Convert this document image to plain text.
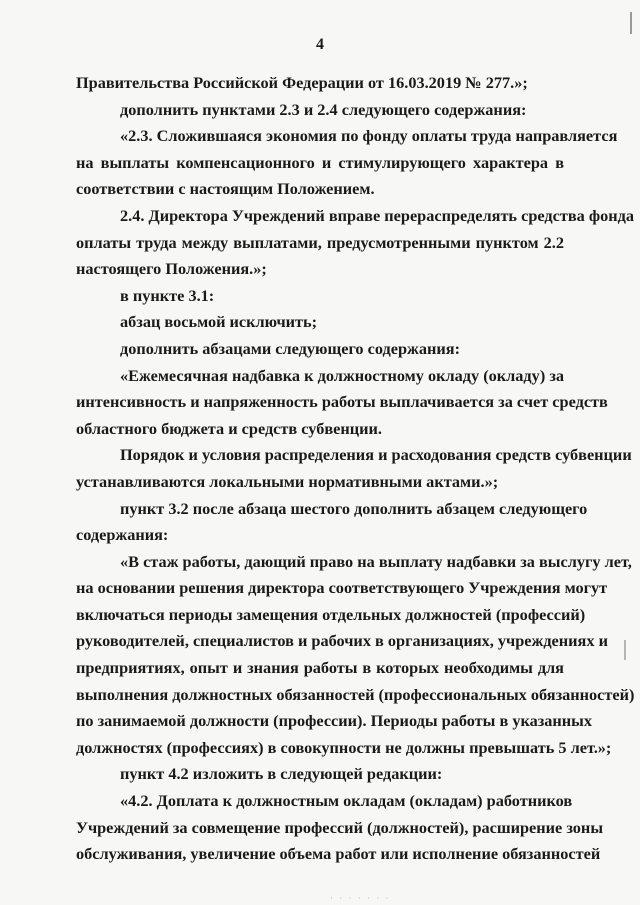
4
Правительства Российской Федерации от 16.03.2019 № 277.»;
дополнить пунктами 2.3 и 2.4 следующего содержания:
«2.3. Сложившаяся экономия по фонду оплаты труда направляется
на выплаты компенсационного и стимулирующего характера в
соответствии с настоящим Положением.
2.4. Директора Учреждений вправе перераспределять средства фонда
оплаты труда между выплатами, предусмотренными пунктом 2.2
настоящего Положения.»;
в пункте 3.1:
абзац восьмой исключить;
дополнить абзацами следующего содержания:
«Ежемесячная надбавка к должностному окладу (окладу) за
интенсивность и напряженность работы выплачивается за счет средств
областного бюджета и средств субвенции.
Порядок и условия распределения и расходования средств субвенции
устанавливаются локальными нормативными актами.»;
пункт 3.2 после абзаца шестого дополнить абзацем следующего
содержания:
«В стаж работы, дающий право на выплату надбавки за выслугу лет,
на основании решения директора соответствующего Учреждения могут
включаться периоды замещения отдельных должностей (профессий)
руководителей, специалистов и рабочих в организациях, учреждениях и
предприятиях, опыт и знания работы в которых необходимы для
выполнения должностных обязанностей (профессиональных обязанностей)
по занимаемой должности (профессии). Периоды работы в указанных
должностях (профессиях) в совокупности не должны превышать 5 лет.»;
пункт 4.2 изложить в следующей редакции:
«4.2. Доплата к должностным окладам (окладам) работников
Учреждений за совмещение профессий (должностей), расширение зоны
обслуживания, увеличение объема работ или исполнение обязанностей
· · · · · · ·
